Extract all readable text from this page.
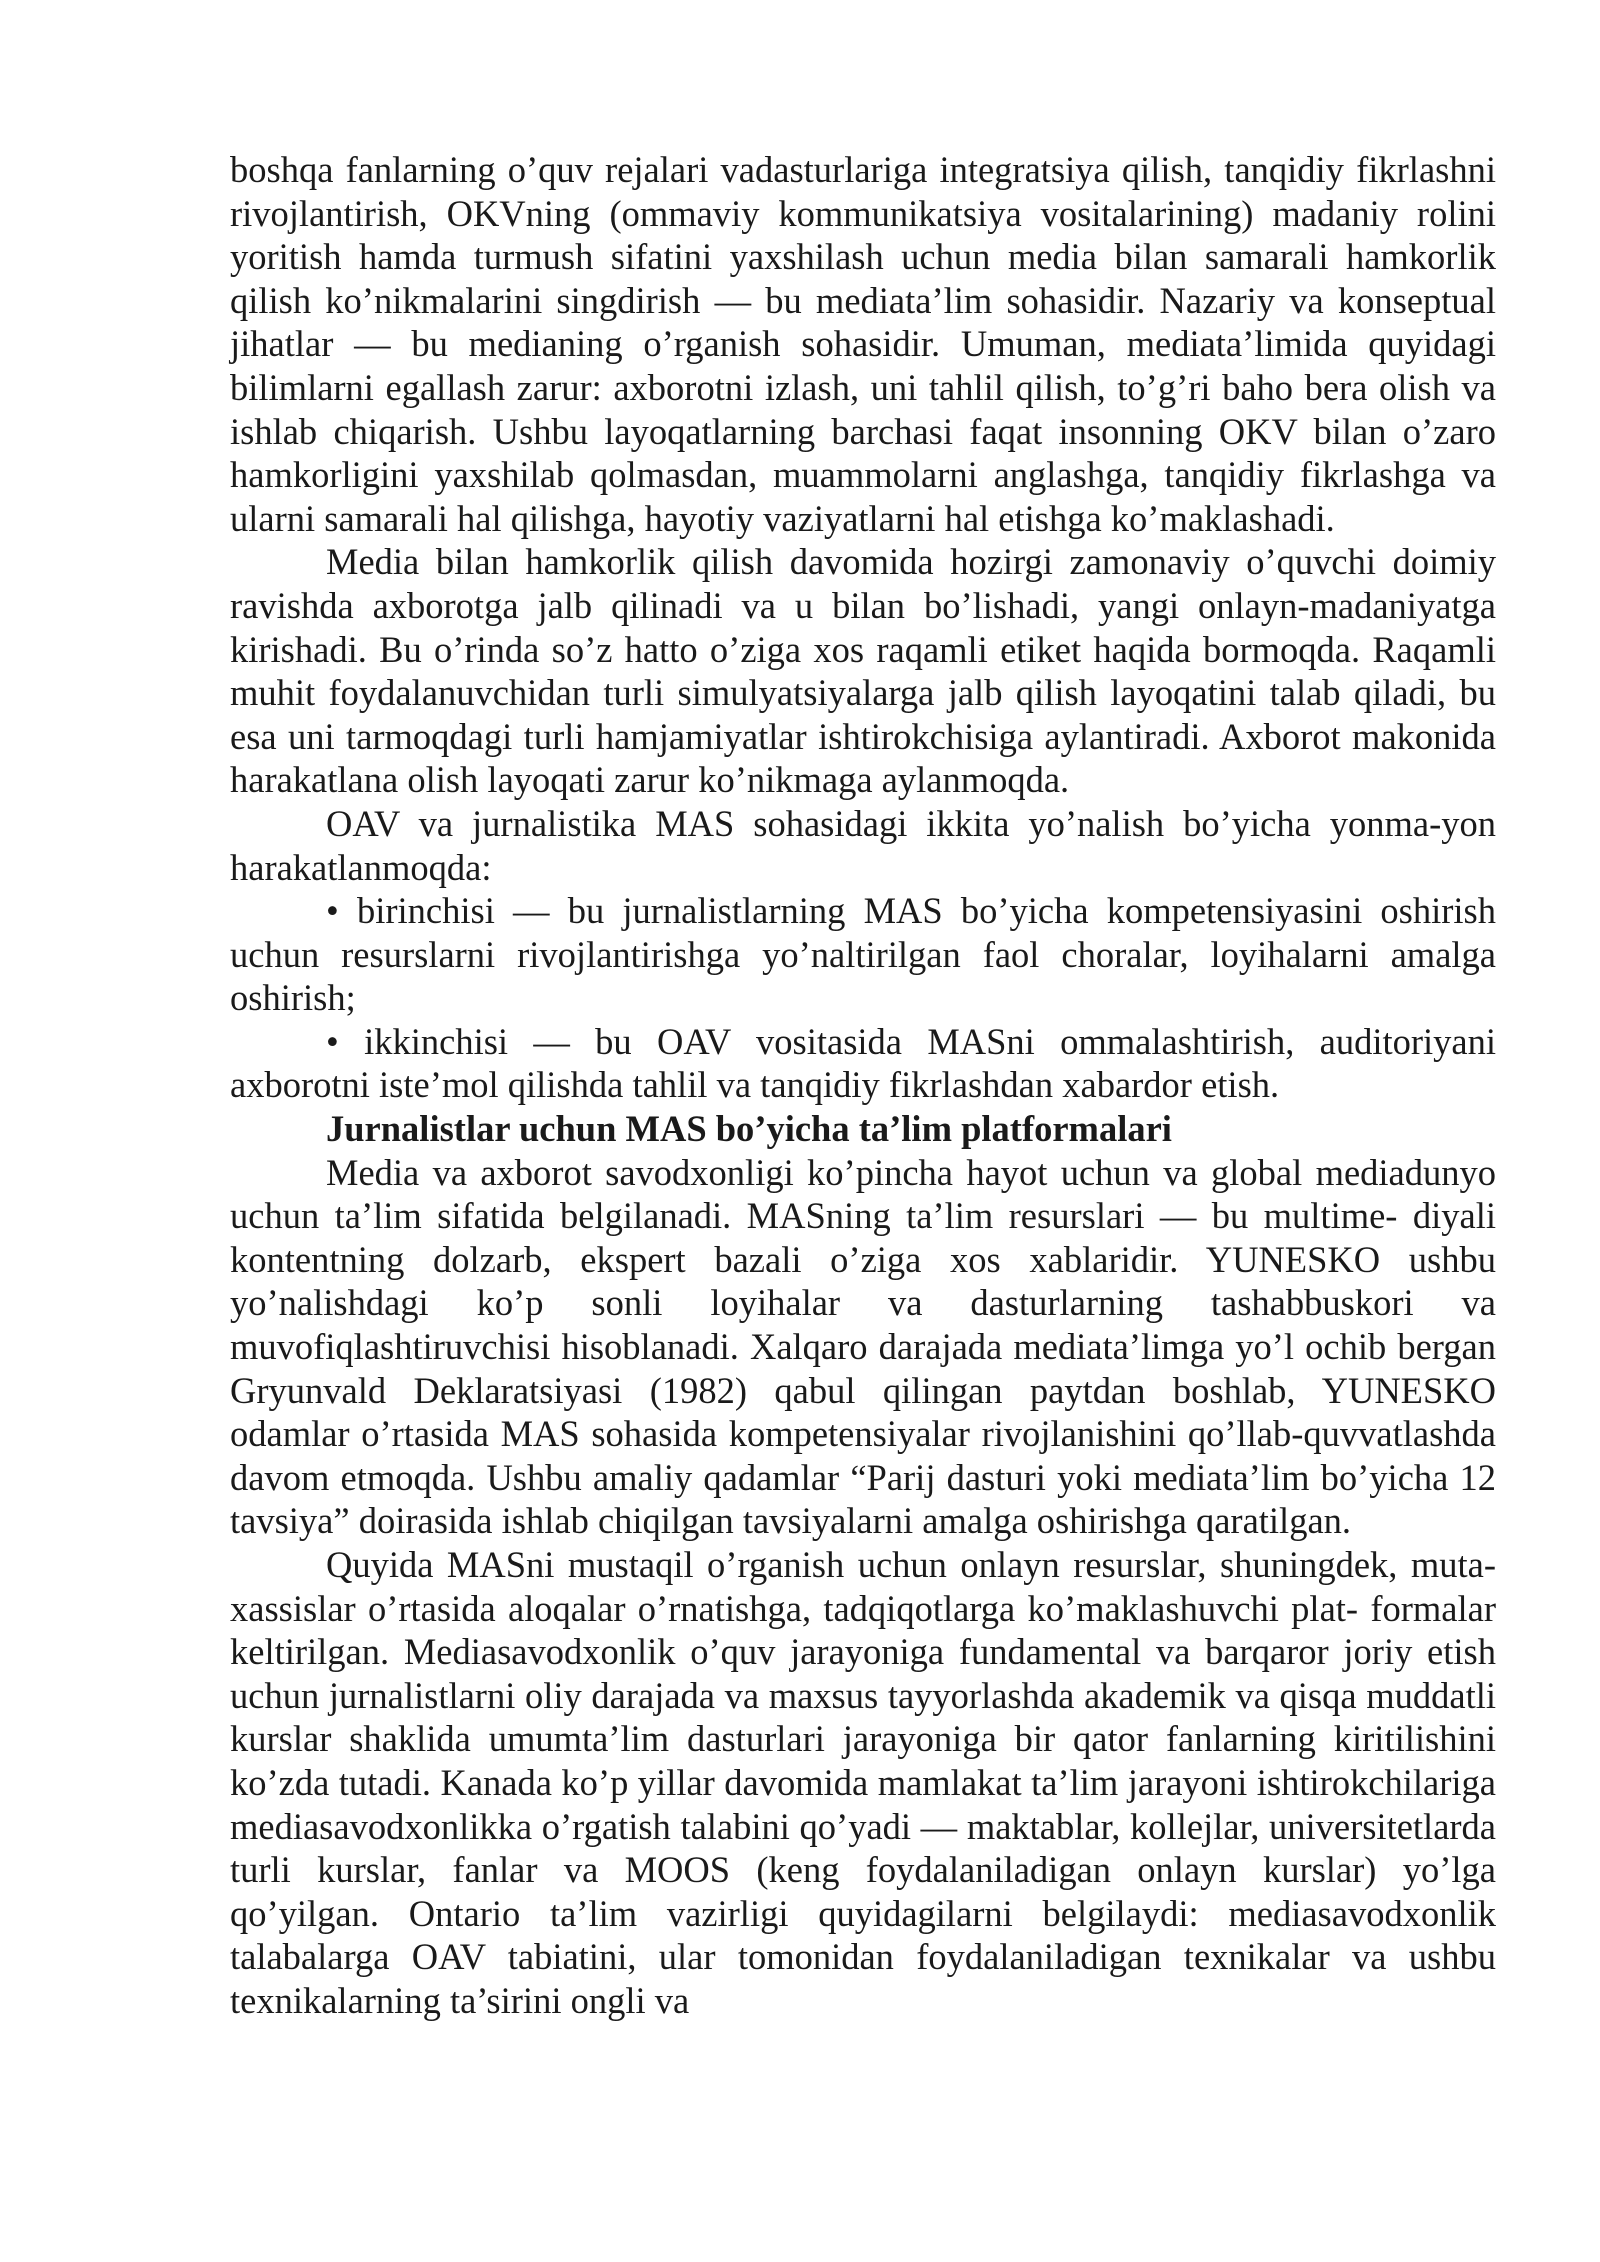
boshqa fanlarning o’quv rejalari vadasturlariga integratsiya qilish, tanqidiy fikrlashni rivojlantirish, OKVning (ommaviy kommunikatsiya vositalarining) madaniy rolini yoritish hamda turmush sifatini yaxshilash uchun media bilan samarali hamkorlik qilish ko’nikmalarini singdirish — bu mediata’lim sohasidir. Nazariy va konseptual jihatlar — bu medianing o’rganish sohasidir. Umuman, mediata’limida quyidagi bilimlarni egallash zarur: axborotni izlash, uni tahlil qilish, to’g’ri baho bera olish va ishlab chiqarish. Ushbu layoqatlarning barchasi faqat insonning OKV bilan o’zaro hamkorligini yaxshilab qolmasdan, muammolarni anglashga, tanqidiy fikrlashga va ularni samarali hal qilishga, hayotiy vaziyatlarni hal etishga ko’maklashadi.

Media bilan hamkorlik qilish davomida hozirgi zamonaviy o’quvchi doimiy ravishda axborotga jalb qilinadi va u bilan bo’lishadi, yangi onlayn-madaniyatga kirishadi. Bu o’rinda so’z hatto o’ziga xos raqamli etiket haqida bormoqda. Raqamli muhit foydalanuvchidan turli simulyatsiyalarga jalb qilish layoqatini talab qiladi, bu esa uni tarmoqdagi turli hamjamiyatlar ishtirokchisiga aylantiradi. Axborot makonida harakatlana olish layoqati zarur ko’nikmaga aylanmoqda.

OAV va jurnalistika MAS sohasidagi ikkita yo’nalish bo’yicha yonma-yon harakatlanmoqda:

• birinchisi — bu jurnalistlarning MAS bo’yicha kompetensiyasini oshirish uchun resurslarni rivojlantirishga yo’naltirilgan faol choralar, loyihalarni amalga oshirish;

• ikkinchisi — bu OAV vositasida MASni ommalashtirish, auditoriyani axborotni iste’mol qilishda tahlil va tanqidiy fikrlashdan xabardor etish.

Jurnalistlar uchun MAS bo’yicha ta’lim platformalari

Media va axborot savodxonligi ko’pincha hayot uchun va global mediadunyo uchun ta’lim sifatida belgilanadi. MASning ta’lim resurslari — bu multime- diyali kontentning dolzarb, ekspert bazali o’ziga xos xablaridir. YUNESKO ushbu yo’nalishdagi ko’p sonli loyihalar va dasturlarning tashabbuskori va muvofiqlashtiruvchisi hisoblanadi. Xalqaro darajada mediata’limga yo’l ochib bergan Gryunvald Deklaratsiyasi (1982) qabul qilingan paytdan boshlab, YUNESKO odamlar o’rtasida MAS sohasida kompetensiyalar rivojlanishini qo’llab-quvvatlashda davom etmoqda. Ushbu amaliy qadamlar “Parij dasturi yoki mediata’lim bo’yicha 12 tavsiya” doirasida ishlab chiqilgan tavsiyalarni amalga oshirishga qaratilgan.

Quyida MASni mustaqil o’rganish uchun onlayn resurslar, shuningdek, muta- xassislar o’rtasida aloqalar o’rnatishga, tadqiqotlarga ko’maklashuvchi plat- formalar keltirilgan. Mediasavodxonlik o’quv jarayoniga fundamental va barqaror joriy etish uchun jurnalistlarni oliy darajada va maxsus tayyorlashda akademik va qisqa muddatli kurslar shaklida umumta’lim dasturlari jarayoniga bir qator fanlarning kiritilishini ko’zda tutadi. Kanada ko’p yillar davomida mamlakat ta’lim jarayoni ishtirokchilariga mediasavodxonlikka o’rgatish talabini qo’yadi — maktablar, kollejlar, universitetlarda turli kurslar, fanlar va MOOS (keng foydalaniladigan onlayn kurslar) yo’lga qo’yilgan. Ontario ta’lim vazirligi quyidagilarni belgilaydi: mediasavodxonlik talabalarga OAV tabiatini, ular tomonidan foydalaniladigan texnikalar va ushbu texnikalarning ta’sirini ongli va
